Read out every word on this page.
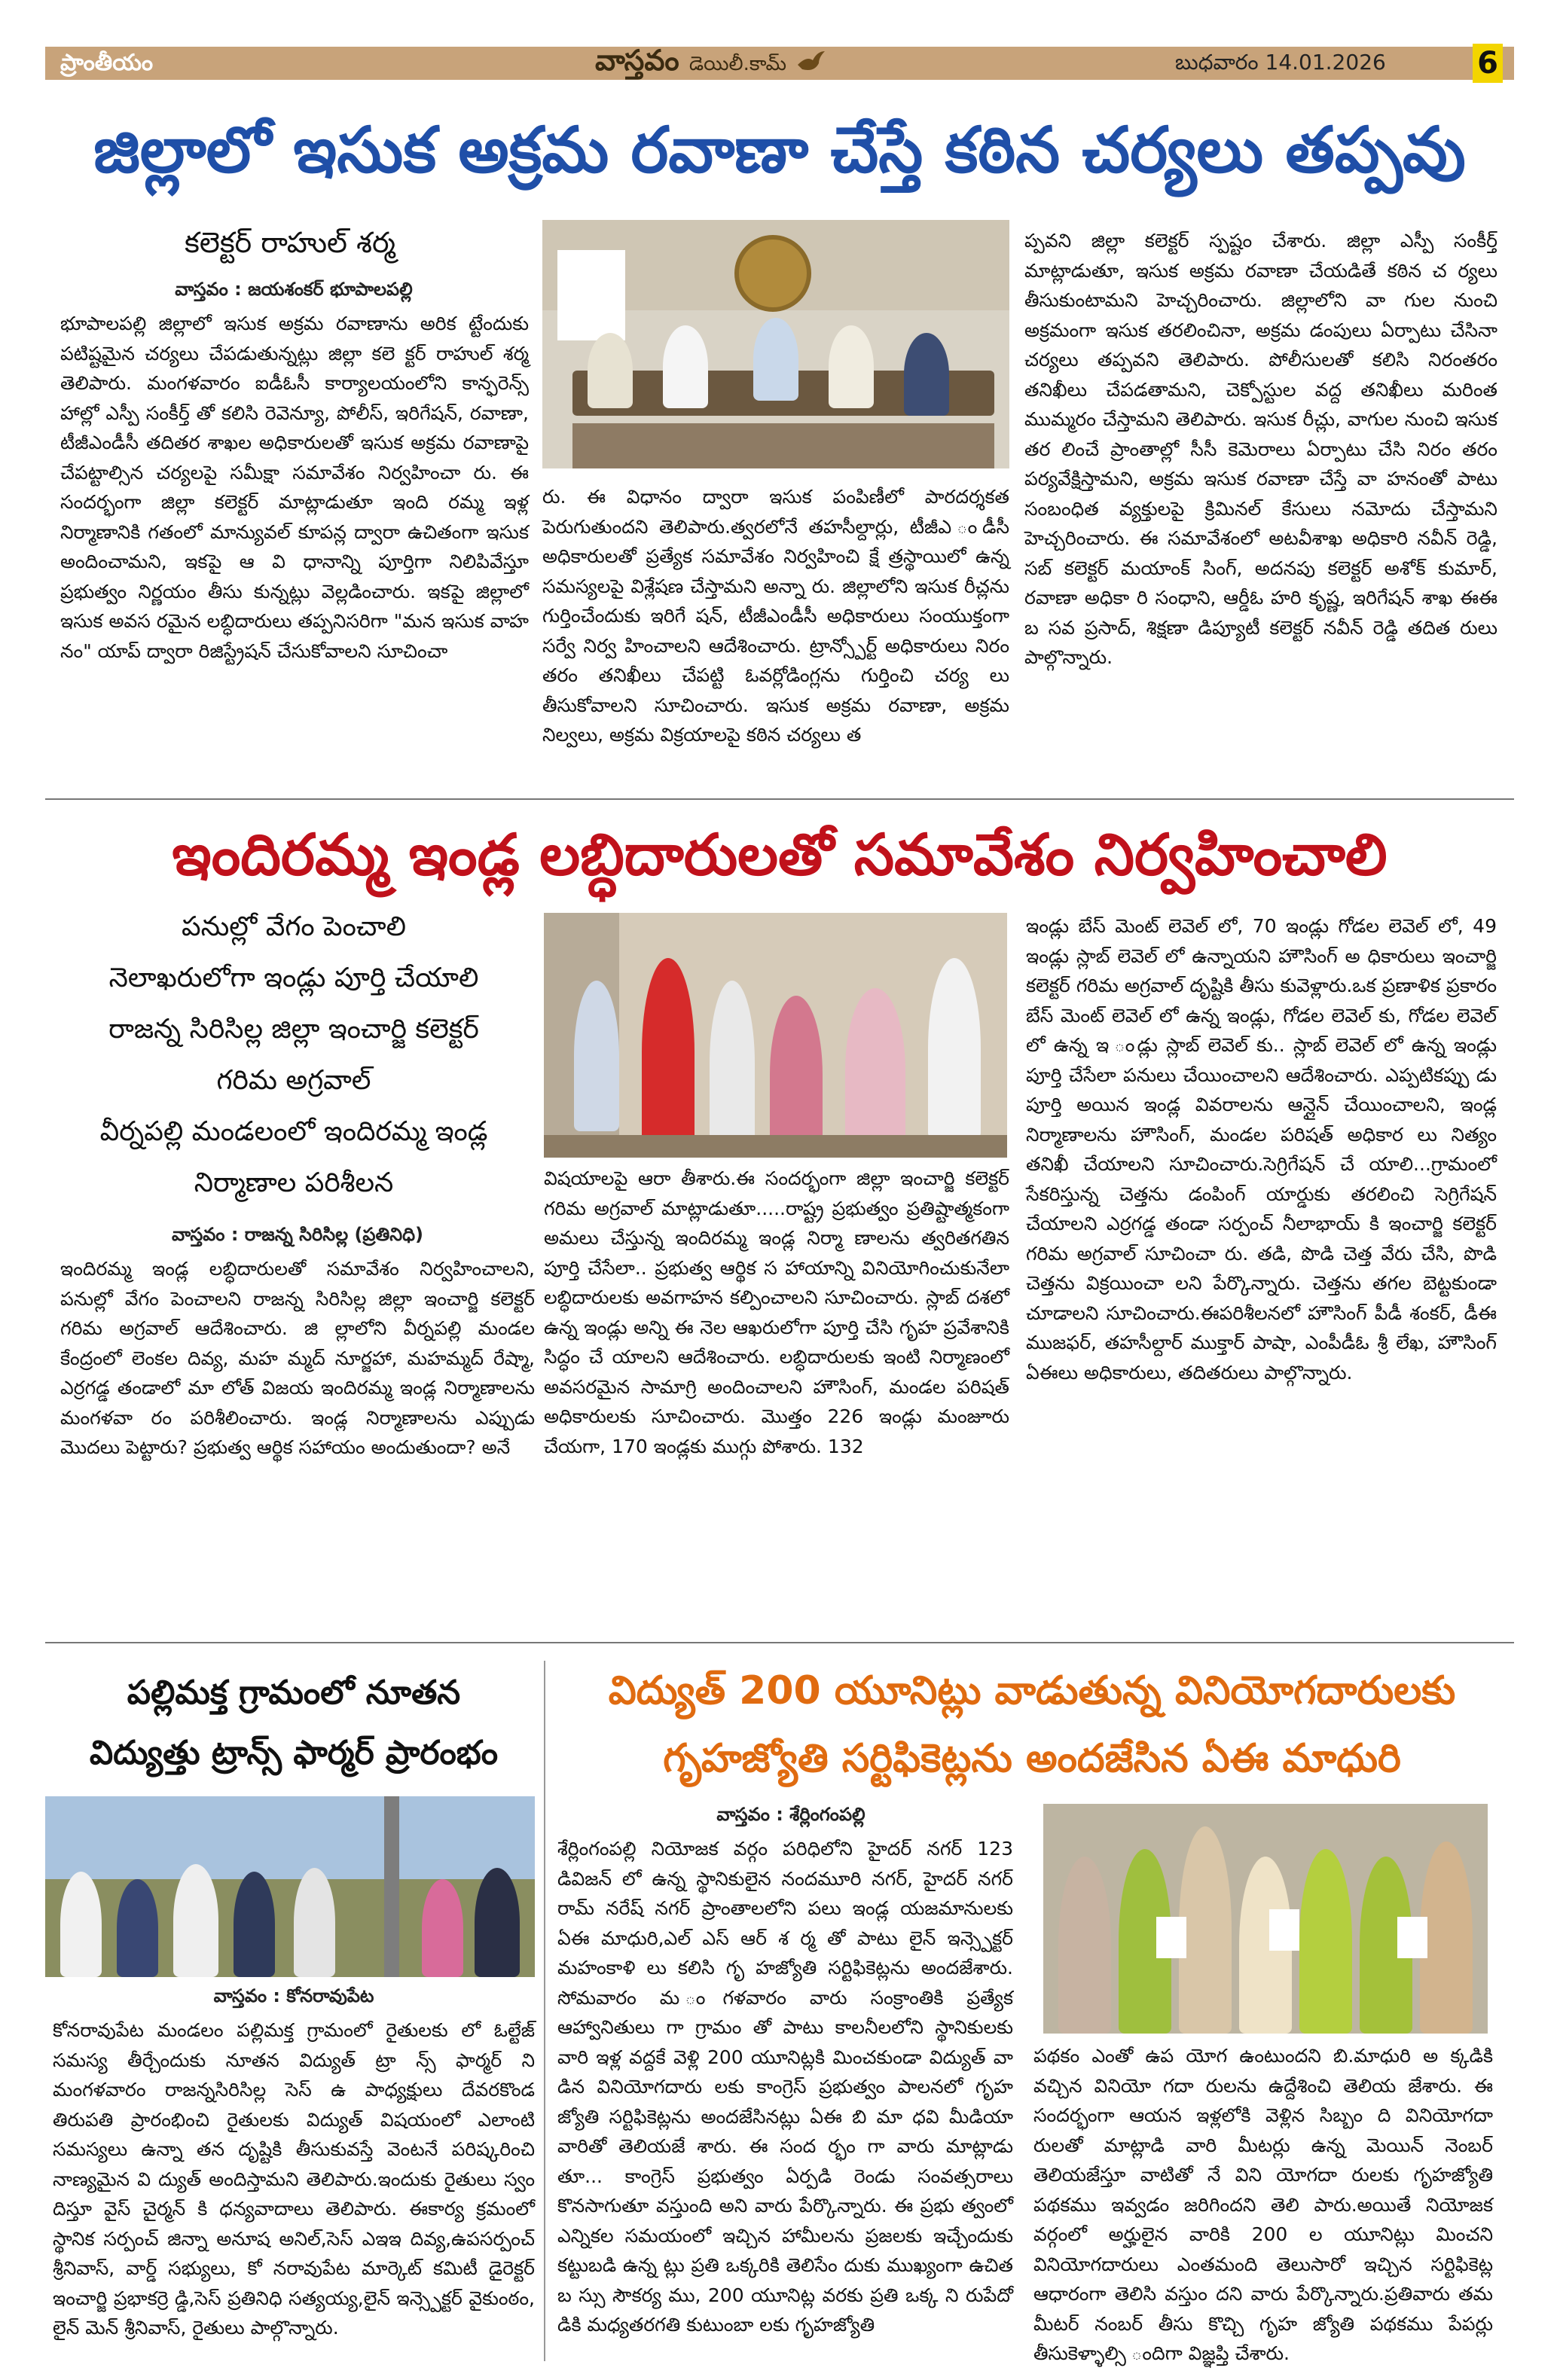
ప్రాంతీయం	వాస్తవం డెయిలీ.కామ్	బుధవారం 14.01.2026	6
జిల్లాలో ఇసుక అక్రమ రవాణా చేస్తే కఠిన చర్యలు తప్పవు
కలెక్టర్ రాహుల్ శర్మ
వాస్తవం : జయశంకర్ భూపాలపల్లి
భూపాలపల్లి జిల్లాలో ఇసుక అక్రమ రవాణాను అరిక ట్టేందుకు పటిష్టమైన చర్యలు చేపడుతున్నట్లు జిల్లా కలె క్టర్ రాహుల్ శర్మ తెలిపారు. మంగళవారం ఐడీఓసీ కార్యాలయంలోని కాన్ఫరెన్స్ హాల్లో ఎస్పీ సంకీర్త్ తో కలిసి రెవెన్యూ, పోలీస్, ఇరిగేషన్, రవాణా, టీజీఎండీసీ తదితర శాఖల అధికారులతో ఇసుక అక్రమ రవాణాపై చేపట్టాల్సిన చర్యలపై సమీక్షా సమావేశం నిర్వహించా రు. ఈ సందర్భంగా జిల్లా కలెక్టర్ మాట్లాడుతూ ఇంది రమ్మ ఇళ్ల నిర్మాణానికి గతంలో మాన్యువల్ కూపన్ల ద్వారా ఉచితంగా ఇసుక అందించామని, ఇకపై ఆ వి ధానాన్ని పూర్తిగా నిలిపివేస్తూ ప్రభుత్వం నిర్ణయం తీసు కున్నట్లు వెల్లడించారు. ఇకపై జిల్లాలో ఇసుక అవస రమైన లబ్ధిదారులు తప్పనిసరిగా "మన ఇసుక వాహ నం" యాప్ ద్వారా రిజిస్ట్రేషన్ చేసుకోవాలని సూచించా
రు. ఈ విధానం ద్వారా ఇసుక పంపిణీలో పారదర్శకత పెరుగుతుందని తెలిపారు.త్వరలోనే తహసీల్దార్లు, టీజీఎ ండీసీ అధికారులతో ప్రత్యేక సమావేశం నిర్వహించి క్షే త్రస్థాయిలో ఉన్న సమస్యలపై విశ్లేషణ చేస్తామని అన్నా రు. జిల్లాలోని ఇసుక రీచ్లను గుర్తించేందుకు ఇరిగే షన్, టీజీఎండీసీ అధికారులు సంయుక్తంగా సర్వే నిర్వ హించాలని ఆదేశించారు. ట్రాన్స్పోర్ట్ అధికారులు నిరం తరం తనిఖీలు చేపట్టి ఓవర్లోడింగ్లను గుర్తించి చర్య లు తీసుకోవాలని సూచించారు. ఇసుక అక్రమ రవాణా, అక్రమ నిల్వలు, అక్రమ విక్రయాలపై కఠిన చర్యలు త
ప్పవని జిల్లా కలెక్టర్ స్పష్టం చేశారు. జిల్లా ఎస్పీ సంకీర్త్ మాట్లాడుతూ, ఇసుక అక్రమ రవాణా చేయడితే కఠిన చ ర్యలు తీసుకుంటామని హెచ్చరించారు. జిల్లాలోని వా గుల నుంచి అక్రమంగా ఇసుక తరలించినా, అక్రమ డంపులు ఏర్పాటు చేసినా చర్యలు తప్పవని తెలిపారు. పోలీసులతో కలిసి నిరంతరం తనిఖీలు చేపడతామని, చెక్పోస్టుల వద్ద తనిఖీలు మరింత ముమ్మరం చేస్తామని తెలిపారు. ఇసుక రీచ్లు, వాగుల నుంచి ఇసుక తర లించే ప్రాంతాల్లో సీసీ కెమెరాలు ఏర్పాటు చేసి నిరం తరం పర్యవేక్షిస్తామని, అక్రమ ఇసుక రవాణా చేస్తే వా హనంతో పాటు సంబంధిత వ్యక్తులపై క్రిమినల్ కేసులు నమోదు చేస్తామని హెచ్చరించారు. ఈ సమావేశంలో అటవీశాఖ అధికారి నవీన్ రెడ్డి, సబ్ కలెక్టర్ మయాంక్ సింగ్, అదనపు కలెక్టర్ అశోక్ కుమార్, రవాణా అధికా రి సంధాని, ఆర్డీఓ హరి కృష్ణ, ఇరిగేషన్ శాఖ ఈఈ బ సవ ప్రసాద్, శిక్షణా డిప్యూటీ కలెక్టర్ నవీన్ రెడ్డి తదిత రులు పాల్గొన్నారు.
ఇందిరమ్మ ఇండ్ల లబ్ధిదారులతో సమావేశం నిర్వహించాలి
పనుల్లో వేగం పెంచాలి
నెలాఖరులోగా ఇండ్లు పూర్తి చేయాలి
రాజన్న సిరిసిల్ల జిల్లా ఇంచార్జి కలెక్టర్
గరిమ అగ్రవాల్
వీర్నపల్లి మండలంలో ఇందిరమ్మ ఇండ్ల
నిర్మాణాల పరిశీలన
వాస్తవం : రాజన్న సిరిసిల్ల (ప్రతినిధి)
ఇందిరమ్మ ఇండ్ల లబ్ధిదారులతో సమావేశం నిర్వహించాలని, పనుల్లో వేగం పెంచాలని రాజన్న సిరిసిల్ల జిల్లా ఇంచార్జి కలెక్టర్ గరిమ అగ్రవాల్ ఆదేశించారు. జి ల్లాలోని వీర్నపల్లి మండల కేంద్రంలో లెంకల దివ్య, మహ మ్మద్ నూర్జహా, మహమ్మద్ రేష్మా, ఎర్రగడ్డ తండాలో మా లోత్ విజయ ఇందిరమ్మ ఇండ్ల నిర్మాణాలను మంగళవా రం పరిశీలించారు. ఇండ్ల నిర్మాణాలను ఎప్పుడు మొదలు పెట్టారు? ప్రభుత్వ ఆర్థిక సహాయం అందుతుందా? అనే
విషయాలపై ఆరా తీశారు.ఈ సందర్భంగా జిల్లా ఇంచార్జి కలెక్టర్ గరిమ అగ్రవాల్ మాట్లాడుతూ.....రాష్ట్ర ప్రభుత్వం ప్రతిష్టాత్మకంగా అమలు చేస్తున్న ఇందిరమ్మ ఇండ్ల నిర్మా ణాలను త్వరితగతిన పూర్తి చేసేలా.. ప్రభుత్వ ఆర్థిక స హాయాన్ని వినియోగించుకునేలా లబ్ధిదారులకు అవగాహన కల్పించాలని సూచించారు. స్లాబ్ దశలో ఉన్న ఇండ్లు అన్ని ఈ నెల ఆఖరులోగా పూర్తి చేసి గృహ ప్రవేశానికి సిద్ధం చే యాలని ఆదేశించారు. లబ్ధిదారులకు ఇంటి నిర్మాణంలో అవసరమైన సామాగ్రి అందించాలని హౌసింగ్, మండల పరిషత్ అధికారులకు సూచించారు. మొత్తం 226 ఇండ్లు మంజూరు చేయగా, 170 ఇండ్లకు ముగ్గు పోశారు. 132
ఇండ్లు బేస్ మెంట్ లెవెల్ లో, 70 ఇండ్లు గోడల లెవెల్ లో, 49 ఇండ్లు స్లాబ్ లెవెల్ లో ఉన్నాయని హౌసింగ్ అ ధికారులు ఇంచార్జి కలెక్టర్ గరిమ అగ్రవాల్ దృష్టికి తీసు కువెళ్లారు.ఒక ప్రణాళిక ప్రకారం బేస్ మెంట్ లెవెల్ లో ఉన్న ఇండ్లు, గోడల లెవెల్ కు, గోడల లెవెల్ లో ఉన్న ఇ ండ్లు స్లాబ్ లెవెల్ కు.. స్లాబ్ లెవెల్ లో ఉన్న ఇండ్లు పూర్తి చేసేలా పనులు చేయించాలని ఆదేశించారు. ఎప్పటికప్పు డు పూర్తి అయిన ఇండ్ల వివరాలను ఆన్లైన్ చేయించాలని, ఇండ్ల నిర్మాణాలను హౌసింగ్, మండల పరిషత్ అధికార లు నిత్యం తనిఖీ చేయాలని సూచించారు.సెగ్రిగేషన్ చే యాలి...గ్రామంలో సేకరిస్తున్న చెత్తను డంపింగ్ యార్డుకు తరలించి సెగ్రిగేషన్ చేయాలని ఎర్రగడ్డ తండా సర్పంచ్ నీలాభాయ్ కి ఇంచార్జి కలెక్టర్ గరిమ అగ్రవాల్ సూచించా రు. తడి, పొడి చెత్త వేరు చేసి, పొడి చెత్తను విక్రయించా లని పేర్కొన్నారు. చెత్తను తగల బెట్టకుండా చూడాలని సూచించారు.ఈపరిశీలనలో హౌసింగ్ పీడీ శంకర్, డీఈ ముజఫర్, తహసీల్దార్ ముక్తార్ పాషా, ఎంపీడీఓ శ్రీ లేఖ, హౌసింగ్ ఏఈలు అధికారులు, తదితరులు పాల్గొన్నారు.
పల్లిమక్త గ్రామంలో నూతన
విద్యుత్తు ట్రాన్స్ ఫార్మర్ ప్రారంభం
వాస్తవం : కోనరావుపేట
కోనరావుపేట మండలం పల్లిమక్త గ్రామంలో రైతులకు లో ఓల్టేజ్ సమస్య తీర్చేందుకు నూతన విద్యుత్ ట్రా న్స్ ఫార్మర్ ని మంగళవారం రాజన్నసిరిసిల్ల సెస్ ఉ పాధ్యక్షులు దేవరకొండ తిరుపతి ప్రారంభించి రైతులకు విద్యుత్ విషయంలో ఎలాంటి సమస్యలు ఉన్నా తన దృష్టికి తీసుకువస్తే వెంటనే పరిష్కరించి నాణ్యమైన వి ద్యుత్ అందిస్తామని తెలిపారు.ఇందుకు రైతులు స్వం దిస్తూ వైస్ చైర్మన్ కి ధన్యవాదాలు తెలిపారు. ఈకార్య క్రమంలో స్థానిక సర్పంచ్ జిన్నా అనూష అనిల్,సెస్ ఎఇఇ దివ్య,ఉపసర్పంచ్ శ్రీనివాస్, వార్డ్ సభ్యులు, కో నరావుపేట మార్కెట్ కమిటీ డైరెక్టర్ ఇంచార్జి ప్రభాకర్రె డ్డి,సెస్ ప్రతినిధి సత్యయ్య,లైన్ ఇన్స్పెక్టర్ వైకుంఠం, లైన్ మెన్ శ్రీనివాస్, రైతులు పాల్గొన్నారు.
విద్యుత్ 200 యూనిట్లు వాడుతున్న వినియోగదారులకు
గృహజ్యోతి సర్టిఫికెట్లను అందజేసిన ఏఈ మాధురి
వాస్తవం : శేర్లింగంపల్లి
శేర్లింగంపల్లి నియోజక వర్గం పరిధిలోని హైదర్ నగర్ 123 డివిజన్ లో ఉన్న స్థానికులైన నందమూరి నగర్, హైదర్ నగర్ రామ్ నరేష్ నగర్ ప్రాంతాలలోని పలు ఇండ్ల యజమానులకు ఏఈ మాధురి,ఎల్ ఎస్ ఆర్ శ ర్మ తో పాటు లైన్ ఇన్స్పెక్టర్ మహంకాళి లు కలిసి గృ హజ్యోతి సర్టిఫికెట్లను అందజేశారు. సోమవారం మ ంగళవారం వారు సంక్రాంతికి ప్రత్యేక ఆహ్వానితులు గా గ్రామం తో పాటు కాలనీలలోని స్థానికులకు వారి ఇళ్ల వద్దకే వెళ్లి 200 యూనిట్లకి మించకుండా విద్యుత్ వా డిన వినియోగదారు లకు కాంగ్రెస్ ప్రభుత్వం పాలనలో గృహ జ్యోతి సర్టిఫికెట్లను అందజేసినట్లు ఏఈ బి మా ధవి మీడియా వారితో తెలియజే శారు. ఈ సంద ర్భం గా వారు మాట్లాడు తూ... కాంగ్రెస్ ప్రభుత్వం ఏర్పడి రెండు సంవత్సరాలు కొనసాగుతూ వస్తుంది అని వారు పేర్కొన్నారు. ఈ ప్రభు త్వంలో ఎన్నికల సమయంలో ఇచ్చిన హామీలను ప్రజలకు ఇచ్చేందుకు కట్టుబడి ఉన్న ట్లు ప్రతి ఒక్కరికి తెలిసేం దుకు ముఖ్యంగా ఉచిత బ స్సు సౌకర్య ము, 200 యూనిట్ల వరకు ప్రతి ఒక్క ని రుపేదో డికి మధ్యతరగతి కుటుంబా లకు గృహజ్యోతి
పథకం ఎంతో ఉప యోగ ఉంటుందని బి.మాధురి అ క్కడికి వచ్చిన వినియో గదా రులను ఉద్దేశించి తెలియ జేశారు. ఈ సందర్భంగా ఆయన ఇళ్లలోకి వెళ్లిన సిబ్బం ది వినియోగదా రులతో మాట్లాడి వారి మీటర్లు ఉన్న మెయిన్ నెంబర్ తెలియజేస్తూ వాటితో నే విని యోగదా రులకు గృహజ్యోతి పథకము ఇవ్వడం జరిగిందని తెలి పారు.అయితే నియోజక వర్గంలో అర్హులైన వారికి 200 ల యూనిట్లు మించని వినియోగదారులు ఎంతమంది తెలుసారో ఇచ్చిన సర్టిఫికెట్ల ఆధారంగా తెలిసి వస్తుం దని వారు పేర్కొన్నారు.ప్రతివారు తమ మీటర్ నంబర్ తీసు కొచ్చి గృహ జ్యోతి పథకము పేపర్లు తీసుకెళ్ళాల్సి ందిగా విజ్ఞప్తి చేశారు.
